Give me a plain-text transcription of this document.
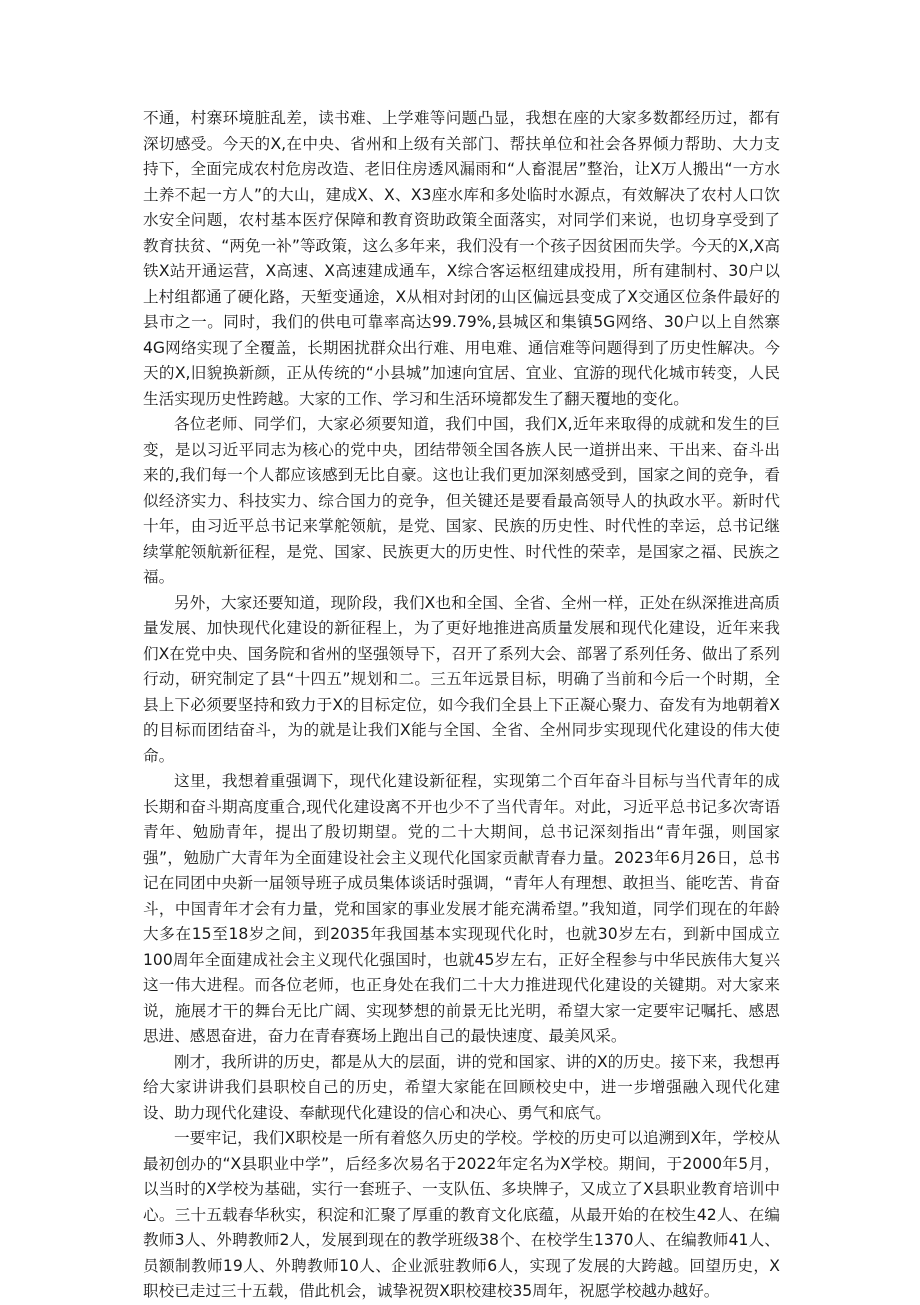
不通，村寨环境脏乱差，读书难、上学难等问题凸显，我想在座的大家多数都经历过，都有深切感受。今天的X,在中央、省州和上级有关部门、帮扶单位和社会各界倾力帮助、大力支持下，全面完成农村危房改造、老旧住房透风漏雨和“人畜混居”整治，让X万人搬出“一方水土养不起一方人”的大山，建成X、X、X3座水库和多处临时水源点，有效解决了农村人口饮水安全问题，农村基本医疗保障和教育资助政策全面落实，对同学们来说，也切身享受到了教育扶贫、“两免一补”等政策，这么多年来，我们没有一个孩子因贫困而失学。今天的X,X高铁X站开通运营，X高速、X高速建成通车，X综合客运枢纽建成投用，所有建制村、30户以上村组都通了硬化路，天堑变通途，X从相对封闭的山区偏远县变成了X交通区位条件最好的县市之一。同时，我们的供电可靠率高达99.79%,县城区和集镇5G网络、30户以上自然寨4G网络实现了全覆盖，长期困扰群众出行难、用电难、通信难等问题得到了历史性解决。今天的X,旧貌换新颜，正从传统的“小县城”加速向宜居、宜业、宜游的现代化城市转变，人民生活实现历史性跨越。大家的工作、学习和生活环境都发生了翻天覆地的变化。

各位老师、同学们，大家必须要知道，我们中国，我们X,近年来取得的成就和发生的巨变，是以习近平同志为核心的党中央，团结带领全国各族人民一道拼出来、干出来、奋斗出来的,我们每一个人都应该感到无比自豪。这也让我们更加深刻感受到，国家之间的竞争，看似经济实力、科技实力、综合国力的竞争，但关键还是要看最高领导人的执政水平。新时代十年，由习近平总书记来掌舵领航，是党、国家、民族的历史性、时代性的幸运，总书记继续掌舵领航新征程，是党、国家、民族更大的历史性、时代性的荣幸，是国家之福、民族之福。

另外，大家还要知道，现阶段，我们X也和全国、全省、全州一样，正处在纵深推进高质量发展、加快现代化建设的新征程上，为了更好地推进高质量发展和现代化建设，近年来我们X在党中央、国务院和省州的坚强领导下，召开了系列大会、部署了系列任务、做出了系列行动，研究制定了县“十四五”规划和二。三五年远景目标，明确了当前和今后一个时期，全县上下必须要坚持和致力于X的目标定位，如今我们全县上下正凝心聚力、奋发有为地朝着X的目标而团结奋斗，为的就是让我们X能与全国、全省、全州同步实现现代化建设的伟大使命。

这里，我想着重强调下，现代化建设新征程，实现第二个百年奋斗目标与当代青年的成长期和奋斗期高度重合,现代化建设离不开也少不了当代青年。对此，习近平总书记多次寄语青年、勉励青年，提出了殷切期望。党的二十大期间，总书记深刻指出“青年强，则国家强”，勉励广大青年为全面建设社会主义现代化国家贡献青春力量。2023年6月26日，总书记在同团中央新一届领导班子成员集体谈话时强调，“青年人有理想、敢担当、能吃苦、肯奋斗，中国青年才会有力量，党和国家的事业发展才能充满希望。”我知道，同学们现在的年龄大多在15至18岁之间，到2035年我国基本实现现代化时，也就30岁左右，到新中国成立100周年全面建成社会主义现代化强国时，也就45岁左右，正好全程参与中华民族伟大复兴这一伟大进程。而各位老师，也正身处在我们二十大力推进现代化建设的关键期。对大家来说，施展才干的舞台无比广阔、实现梦想的前景无比光明，希望大家一定要牢记嘱托、感恩思进、感恩奋进，奋力在青春赛场上跑出自己的最快速度、最美风采。

刚才，我所讲的历史，都是从大的层面，讲的党和国家、讲的X的历史。接下来，我想再给大家讲讲我们县职校自己的历史，希望大家能在回顾校史中，进一步增强融入现代化建设、助力现代化建设、奉献现代化建设的信心和决心、勇气和底气。

一要牢记，我们X职校是一所有着悠久历史的学校。学校的历史可以追溯到X年，学校从最初创办的“X县职业中学”，后经多次易名于2022年定名为X学校。期间，于2000年5月，以当时的X学校为基础，实行一套班子、一支队伍、多块牌子，又成立了X县职业教育培训中心。三十五载春华秋实，积淀和汇聚了厚重的教育文化底蕴，从最开始的在校生42人、在编教师3人、外聘教师2人，发展到现在的教学班级38个、在校学生1370人、在编教师41人、员额制教师19人、外聘教师10人、企业派驻教师6人，实现了发展的大跨越。回望历史，X职校已走过三十五载，借此机会，诚挚祝贺X职校建校35周年，祝愿学校越办越好。
